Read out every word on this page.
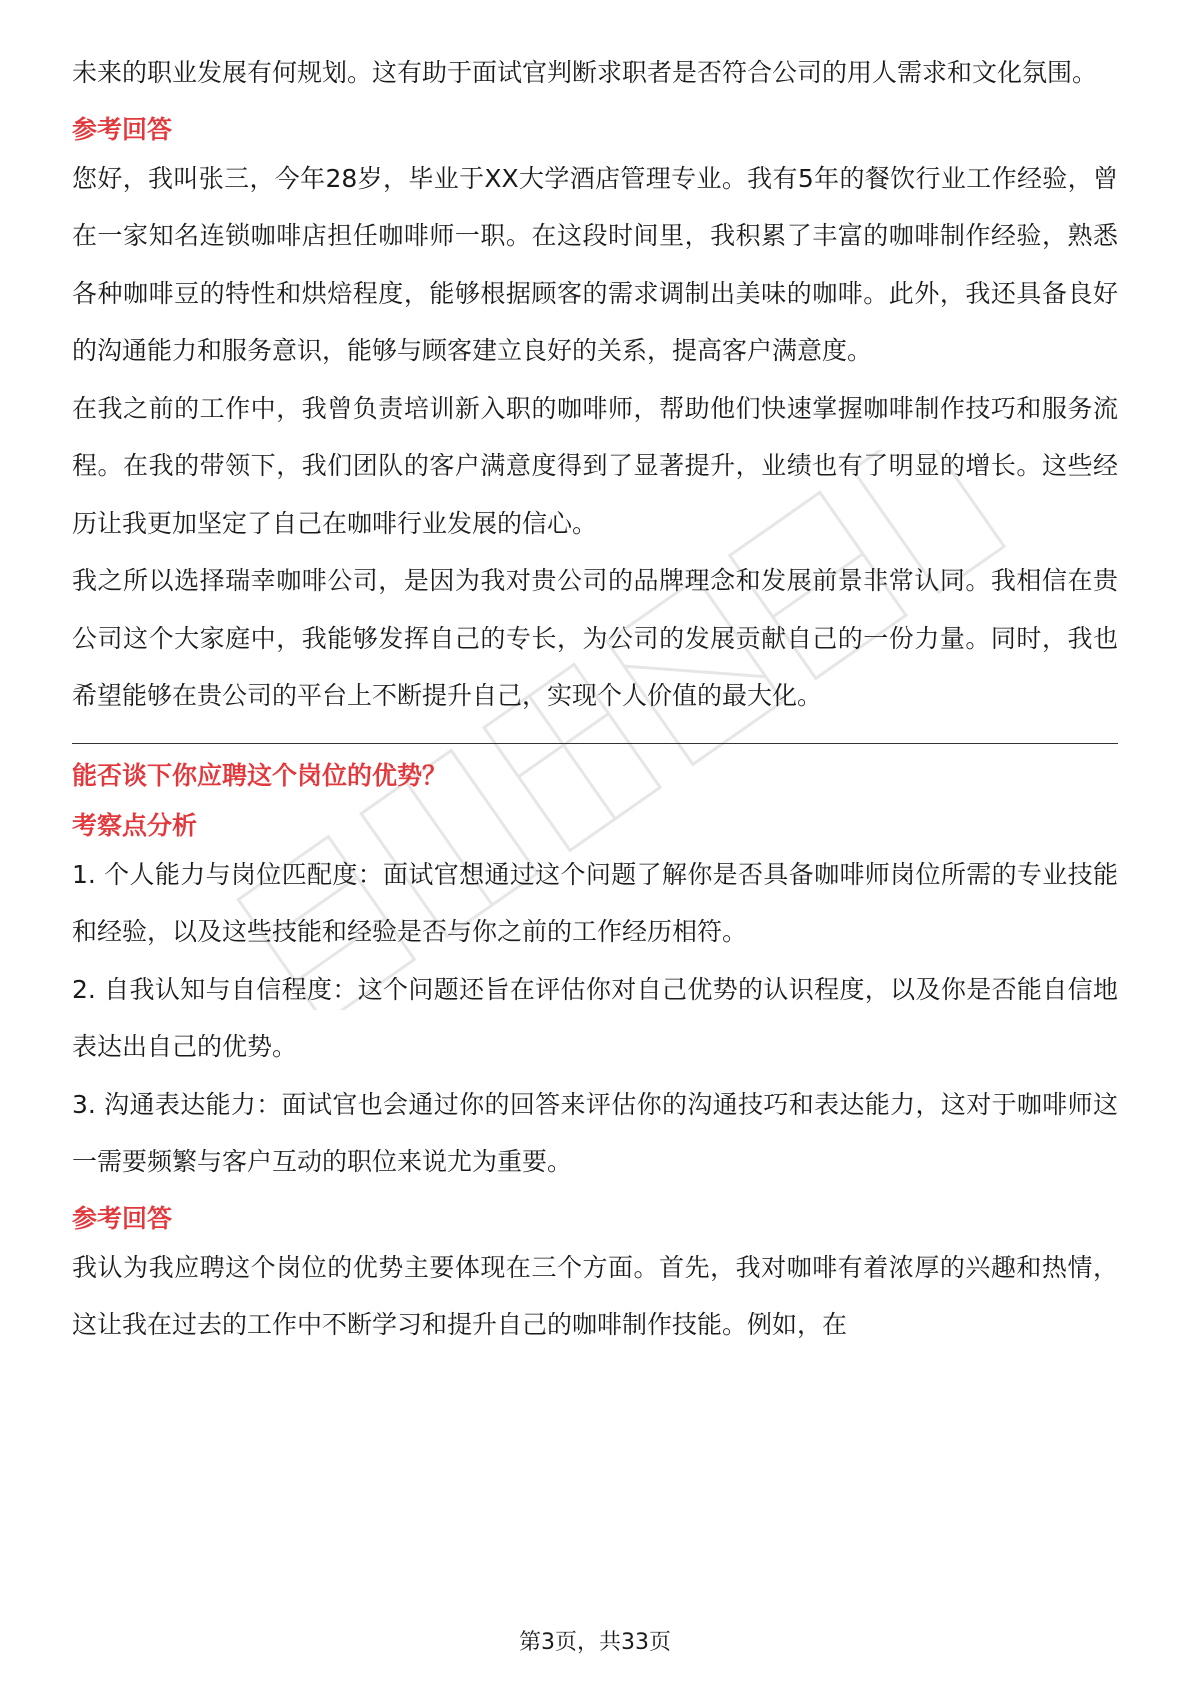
未来的职业发展有何规划。这有助于面试官判断求职者是否符合公司的用人需求和文化氛围。

参考回答

您好，我叫张三，今年28岁，毕业于XX大学酒店管理专业。我有5年的餐饮行业工作经验，曾在一家知名连锁咖啡店担任咖啡师一职。在这段时间里，我积累了丰富的咖啡制作经验，熟悉各种咖啡豆的特性和烘焙程度，能够根据顾客的需求调制出美味的咖啡。此外，我还具备良好的沟通能力和服务意识，能够与顾客建立良好的关系，提高客户满意度。

在我之前的工作中，我曾负责培训新入职的咖啡师，帮助他们快速掌握咖啡制作技巧和服务流程。在我的带领下，我们团队的客户满意度得到了显著提升，业绩也有了明显的增长。这些经历让我更加坚定了自己在咖啡行业发展的信心。

我之所以选择瑞幸咖啡公司，是因为我对贵公司的品牌理念和发展前景非常认同。我相信在贵公司这个大家庭中，我能够发挥自己的专长，为公司的发展贡献自己的一份力量。同时，我也希望能够在贵公司的平台上不断提升自己，实现个人价值的最大化。

能否谈下你应聘这个岗位的优势？

考察点分析

1. 个人能力与岗位匹配度：面试官想通过这个问题了解你是否具备咖啡师岗位所需的专业技能和经验，以及这些技能和经验是否与你之前的工作经历相符。

2. 自我认知与自信程度：这个问题还旨在评估你对自己优势的认识程度，以及你是否能自信地表达出自己的优势。

3. 沟通表达能力：面试官也会通过你的回答来评估你的沟通技巧和表达能力，这对于咖啡师这一需要频繁与客户互动的职位来说尤为重要。

参考回答

我认为我应聘这个岗位的优势主要体现在三个方面。首先，我对咖啡有着浓厚的兴趣和热情，这让我在过去的工作中不断学习和提升自己的咖啡制作技能。例如，在

第3页，共33页
